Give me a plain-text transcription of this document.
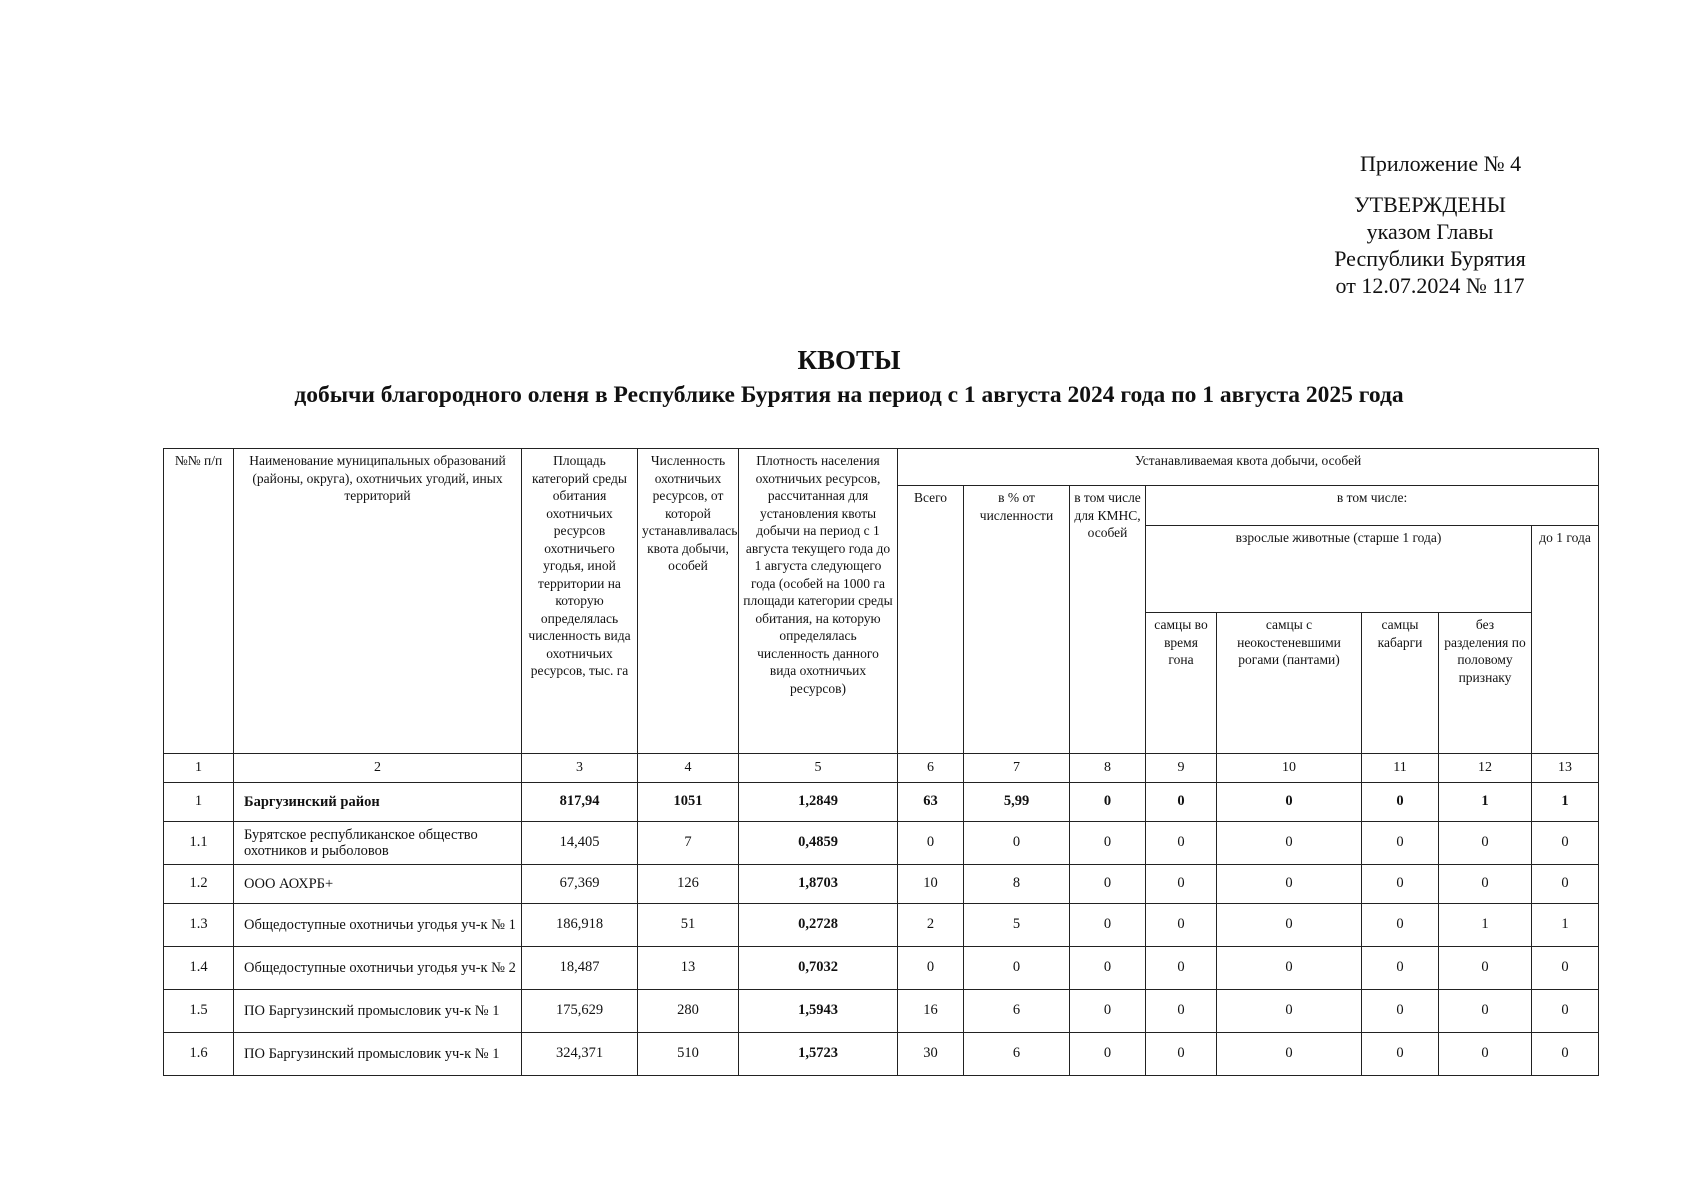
Приложение № 4
УТВЕРЖДЕНЫ
указом Главы
Республики Бурятия
от 12.07.2024 № 117
КВОТЫ
добычи благородного оленя в Республике Бурятия на период с 1 августа 2024 года по 1 августа 2025 года
№№ п/п	Наименование муниципальных образований (районы, округа), охотничьих угодий, иных территорий	Площадь категорий среды обитания охотничьих ресурсов охотничьего угодья, иной территории на которую определялась численность вида охотничьих ресурсов, тыс. га	Численность охотничьих ресурсов, от которой устанавливалась квота добычи, особей	Плотность населения охотничьих ресурсов, рассчитанная для установления квоты добычи на период с 1 августа текущего года до 1 августа следующего года (особей на 1000 га площади категории среды обитания, на которую определялась численность данного вида охотничьих ресурсов)	Устанавливаемая квота добычи, особей							
					Всего	в % от численности	в том числе для КМНС, особей	в том числе:				
								взрослые животные (старше 1 года)				до 1 года
								самцы во время гона	самцы с неокостеневшими рогами (пантами)	самцы кабарги	без разделения по половому признаку	
1	2	3	4	5	6	7	8	9	10	11	12	13
1	Баргузинский район	817,94	1051	1,2849	63	5,99	0	0	0	0	1	1
1.1	Бурятское республиканское общество охотников и рыболовов	14,405	7	0,4859	0	0	0	0	0	0	0	0
1.2	ООО АОХРБ+	67,369	126	1,8703	10	8	0	0	0	0	0	0
1.3	Общедоступные охотничьи угодья уч-к № 1	186,918	51	0,2728	2	5	0	0	0	0	1	1
1.4	Общедоступные охотничьи угодья уч-к № 2	18,487	13	0,7032	0	0	0	0	0	0	0	0
1.5	ПО Баргузинский промысловик уч-к № 1	175,629	280	1,5943	16	6	0	0	0	0	0	0
1.6	ПО Баргузинский промысловик уч-к № 1	324,371	510	1,5723	30	6	0	0	0	0	0	0
